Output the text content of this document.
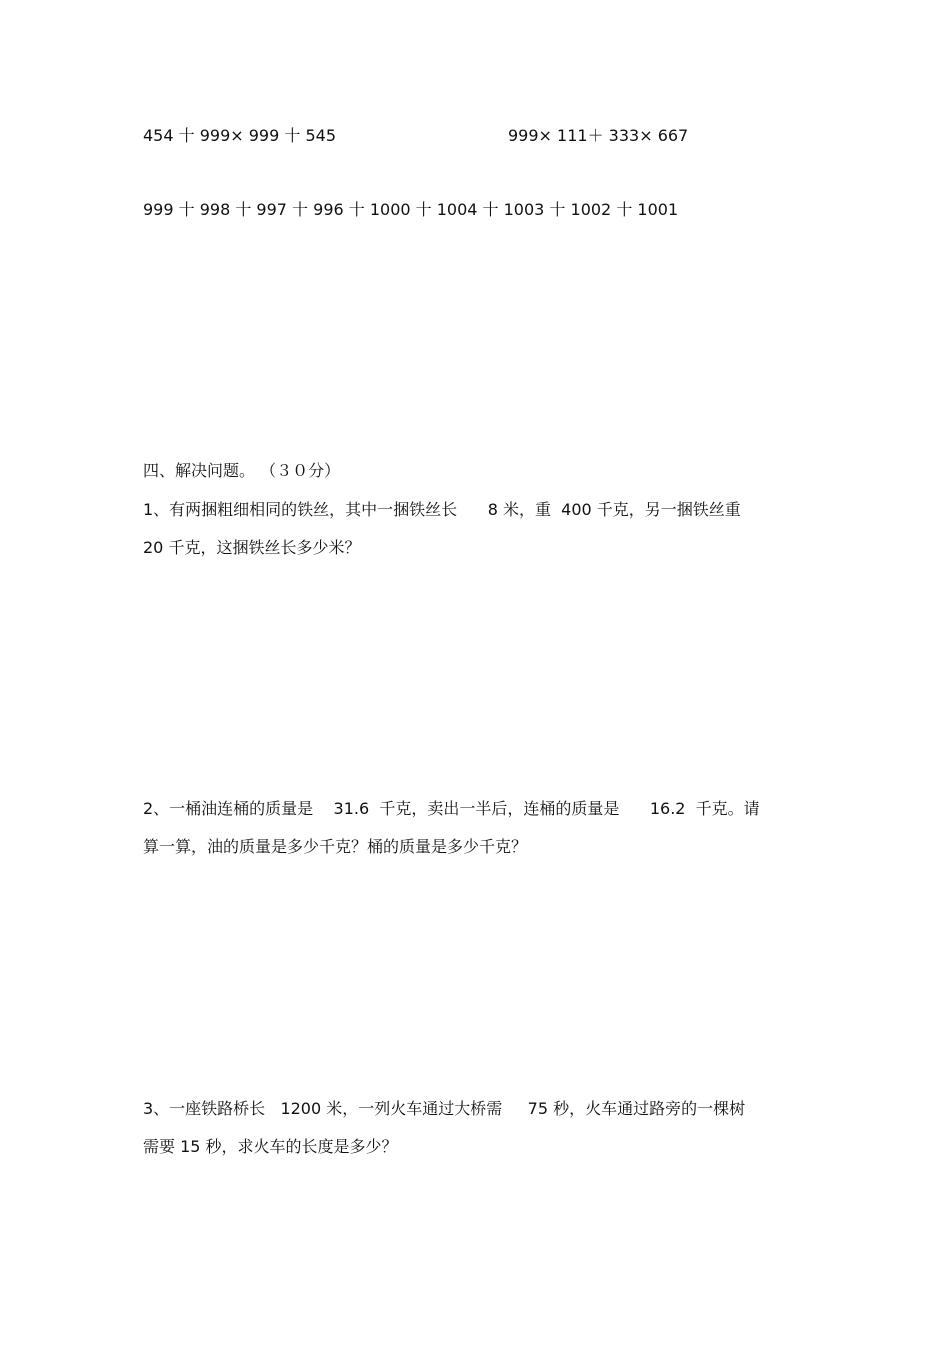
454 十 999× 999 十 545	999× 111＋ 333× 667
999 十 998 十 997 十 996 十 1000 十 1004 十 1003 十 1002 十 1001
四、解决问题。 （３０分）
1、有两捆粗细相同的铁丝，其中一捆铁丝长      8 米，重  400 千克，另一捆铁丝重
20 千克，这捆铁丝长多少米？
2、一桶油连桶的质量是    31.6  千克，卖出一半后，连桶的质量是      16.2  千克。请
算一算，油的质量是多少千克？桶的质量是多少千克？
3、一座铁路桥长   1200 米，一列火车通过大桥需     75 秒，火车通过路旁的一棵树
需要 15 秒，求火车的长度是多少？
